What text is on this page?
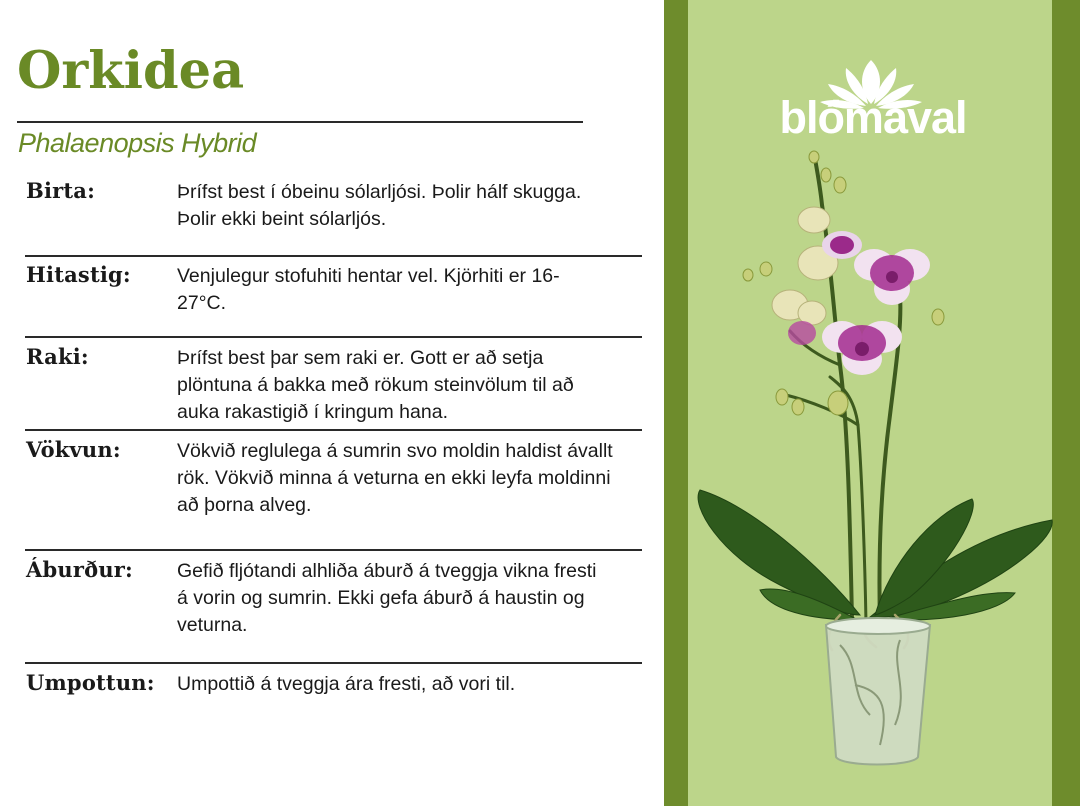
Orkidea
Phalaenopsis Hybrid
Birta:	Þrífst best í óbeinu sólarljósi. Þolir hálf skugga. Þolir ekki beint sólarljós.
Hitastig: Venjulegur stofuhiti hentar vel. Kjörhiti er 16-27°C.
Raki:	Þrífst best þar sem raki er. Gott er að setja plöntuna á bakka með rökum steinvölum til að auka rakastigið í kringum hana.
Vökvun:	Vökvið reglulega á sumrin svo moldin haldist ávallt rök. Vökvið minna á veturna en ekki leyfa moldinni að þorna alveg.
Áburður: Gefið fljótandi alhliða áburð á tveggja vikna fresti á vorin og sumrin. Ekki gefa áburð á haustin og veturna.
Umpottun: Umpottið á tveggja ára fresti, að vori til.
blómaval
